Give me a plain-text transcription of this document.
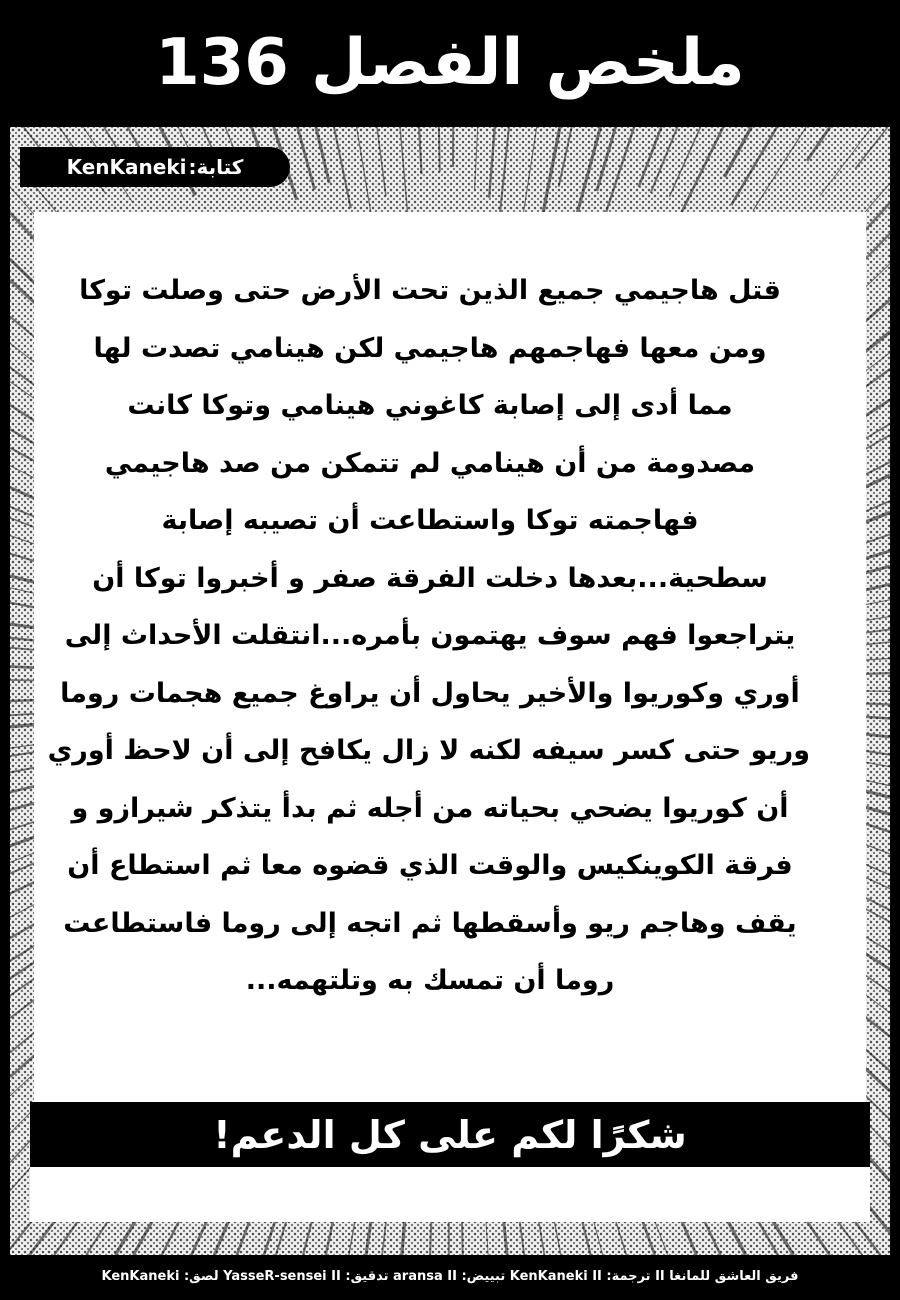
ملخص الفصل 136
كتابة:
KenKaneki
قتل هاجيمي جميع الذين تحت الأرض حتى وصلت توكا
ومن معها فهاجمهم هاجيمي لكن هينامي تصدت لها
مما أدى إلى إصابة كاغوني هينامي وتوكا كانت
مصدومة من أن هينامي لم تتمكن من صد هاجيمي
فهاجمته توكا واستطاعت أن تصيبه إصابة
سطحية...بعدها دخلت الفرقة صفر و أخبروا توكا أن
يتراجعوا فهم سوف يهتمون بأمره...انتقلت الأحداث إلى
أوري وكوريوا والأخير يحاول أن يراوغ جميع هجمات روما
وريو حتى كسر سيفه لكنه لا زال يكافح إلى أن لاحظ أوري
أن كوريوا يضحي بحياته من أجله ثم بدأ يتذكر شيرازو و
فرقة الكوينكيس والوقت الذي قضوه معا ثم استطاع أن
يقف وهاجم ريو وأسقطها ثم اتجه إلى روما فاستطاعت
روما أن تمسك به وتلتهمه...
شكرًا لكم على كل الدعم!
فريق العاشق للمانغا II ترجمة: KenKaneki II تبييض: aransa II تدقيق: YasseR-sensei II لصق: KenKaneki
